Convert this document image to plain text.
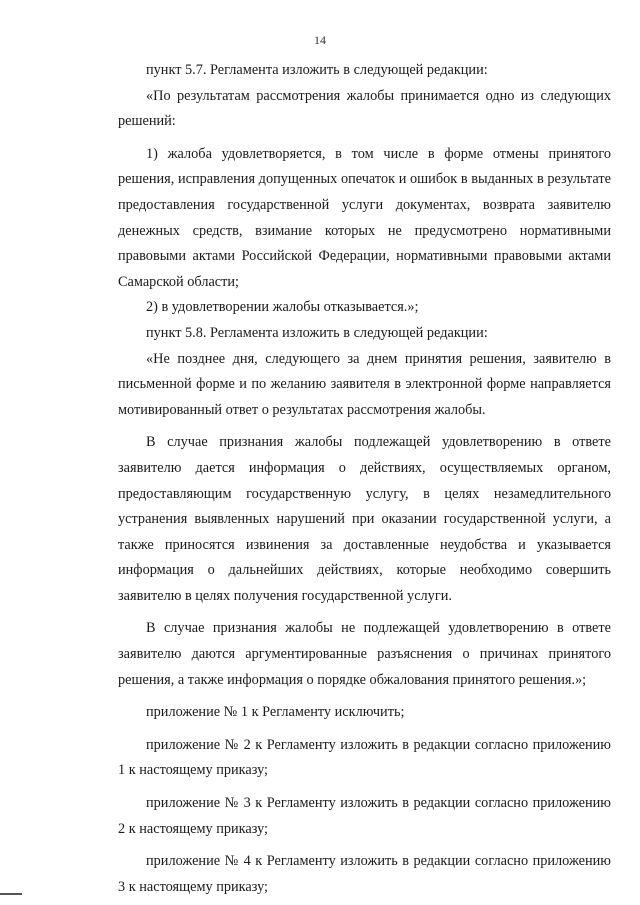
14

пункт 5.7. Регламента изложить в следующей редакции:

«По результатам рассмотрения жалобы принимается одно из следующих решений:

1) жалоба удовлетворяется, в том числе в форме отмены принятого решения, исправления допущенных опечаток и ошибок в выданных в результате предоставления государственной услуги документах, возврата заявителю денежных средств, взимание которых не предусмотрено нормативными правовыми актами Российской Федерации, нормативными правовыми актами Самарской области;

2) в удовлетворении жалобы отказывается.»;

пункт 5.8. Регламента изложить в следующей редакции:

«Не позднее дня, следующего за днем принятия решения, заявителю в письменной форме и по желанию заявителя в электронной форме направляется мотивированный ответ о результатах рассмотрения жалобы.

В случае признания жалобы подлежащей удовлетворению в ответе заявителю дается информация о действиях, осуществляемых органом, предоставляющим государственную услугу, в целях незамедлительного устранения выявленных нарушений при оказании государственной услуги, а также приносятся извинения за доставленные неудобства и указывается информация о дальнейших действиях, которые необходимо совершить заявителю в целях получения государственной услуги.

В случае признания жалобы не подлежащей удовлетворению в ответе заявителю даются аргументированные разъяснения о причинах принятого решения, а также информация о порядке обжалования принятого решения.»;

приложение № 1 к Регламенту исключить;

приложение № 2 к Регламенту изложить в редакции согласно приложению 1 к настоящему приказу;

приложение № 3 к Регламенту изложить в редакции согласно приложению 2 к настоящему приказу;

приложение № 4 к Регламенту изложить в редакции согласно приложению 3 к настоящему приказу;
